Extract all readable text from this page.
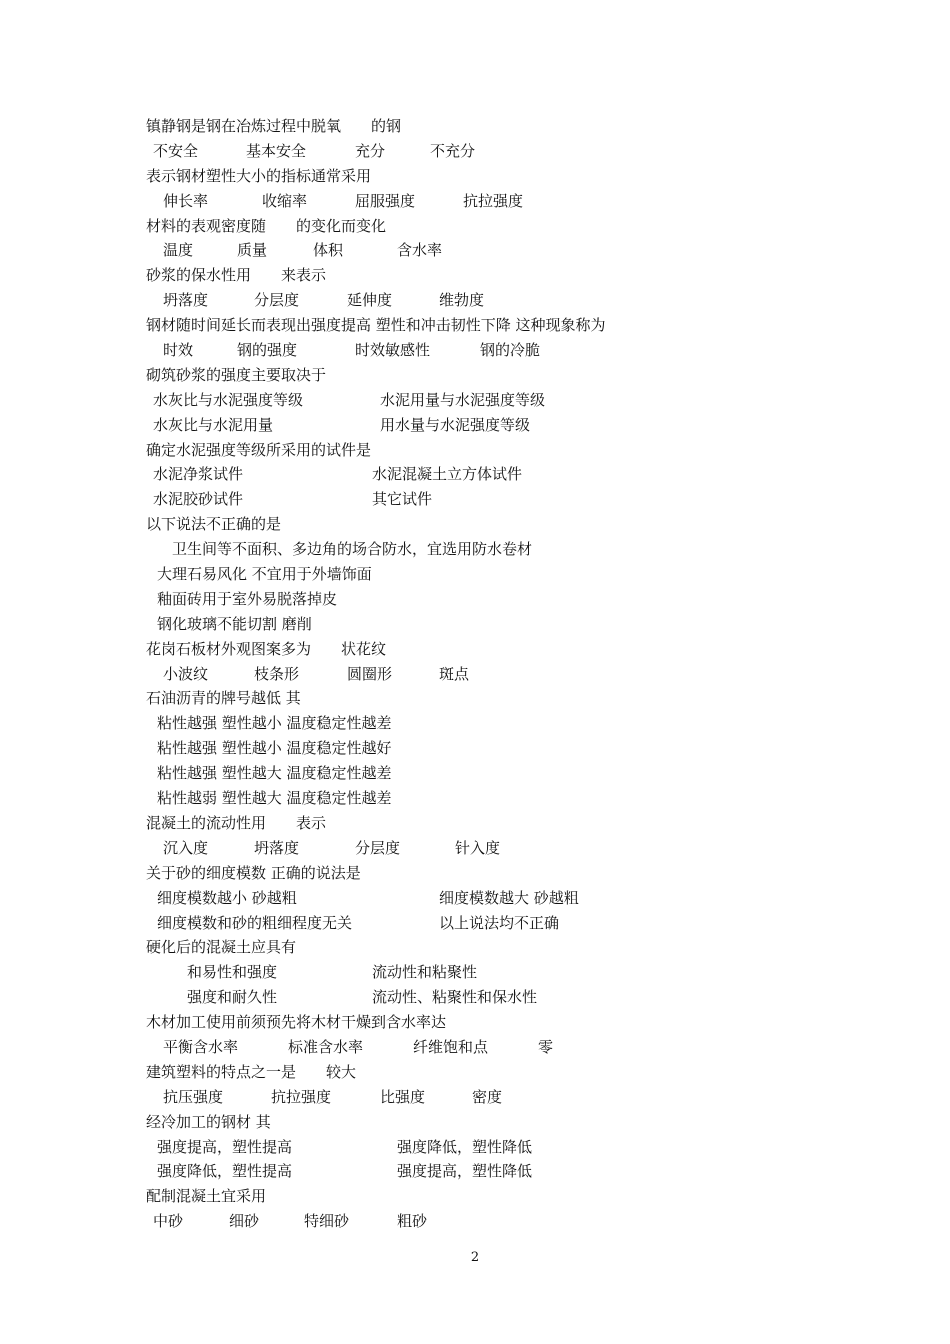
镇静钢是钢在冶炼过程中脱氧　　的钢
不安全	基本安全	充分	不充分
表示钢材塑性大小的指标通常采用
伸长率	收缩率	屈服强度	抗拉强度
材料的表观密度随　　的变化而变化
温度	质量	体积	含水率
砂浆的保水性用　　来表示
坍落度	分层度	延伸度	维勃度
钢材随时间延长而表现出强度提高 塑性和冲击韧性下降 这种现象称为
时效	钢的强度	时效敏感性	钢的冷脆
砌筑砂浆的强度主要取决于
水灰比与水泥强度等级	水泥用量与水泥强度等级
水灰比与水泥用量	用水量与水泥强度等级
确定水泥强度等级所采用的试件是
水泥净浆试件	水泥混凝土立方体试件
水泥胶砂试件	其它试件
以下说法不正确的是
卫生间等不面积、多边角的场合防水，宜选用防水卷材
大理石易风化 不宜用于外墙饰面
釉面砖用于室外易脱落掉皮
钢化玻璃不能切割 磨削
花岗石板材外观图案多为　　状花纹
小波纹	枝条形	圆圈形	斑点
石油沥青的牌号越低 其
粘性越强 塑性越小 温度稳定性越差
粘性越强 塑性越小 温度稳定性越好
粘性越强 塑性越大 温度稳定性越差
粘性越弱 塑性越大 温度稳定性越差
混凝土的流动性用　　表示
沉入度	坍落度	分层度	针入度
关于砂的细度模数 正确的说法是
细度模数越小 砂越粗	细度模数越大 砂越粗
细度模数和砂的粗细程度无关	以上说法均不正确
硬化后的混凝土应具有
和易性和强度	流动性和粘聚性
强度和耐久性	流动性、粘聚性和保水性
木材加工使用前须预先将木材干燥到含水率达
平衡含水率	标准含水率	纤维饱和点	零
建筑塑料的特点之一是　　较大
抗压强度	抗拉强度	比强度	密度
经冷加工的钢材 其
强度提高，塑性提高	强度降低，塑性降低
强度降低，塑性提高	强度提高，塑性降低
配制混凝土宜采用
中砂	细砂	特细砂	粗砂
2
